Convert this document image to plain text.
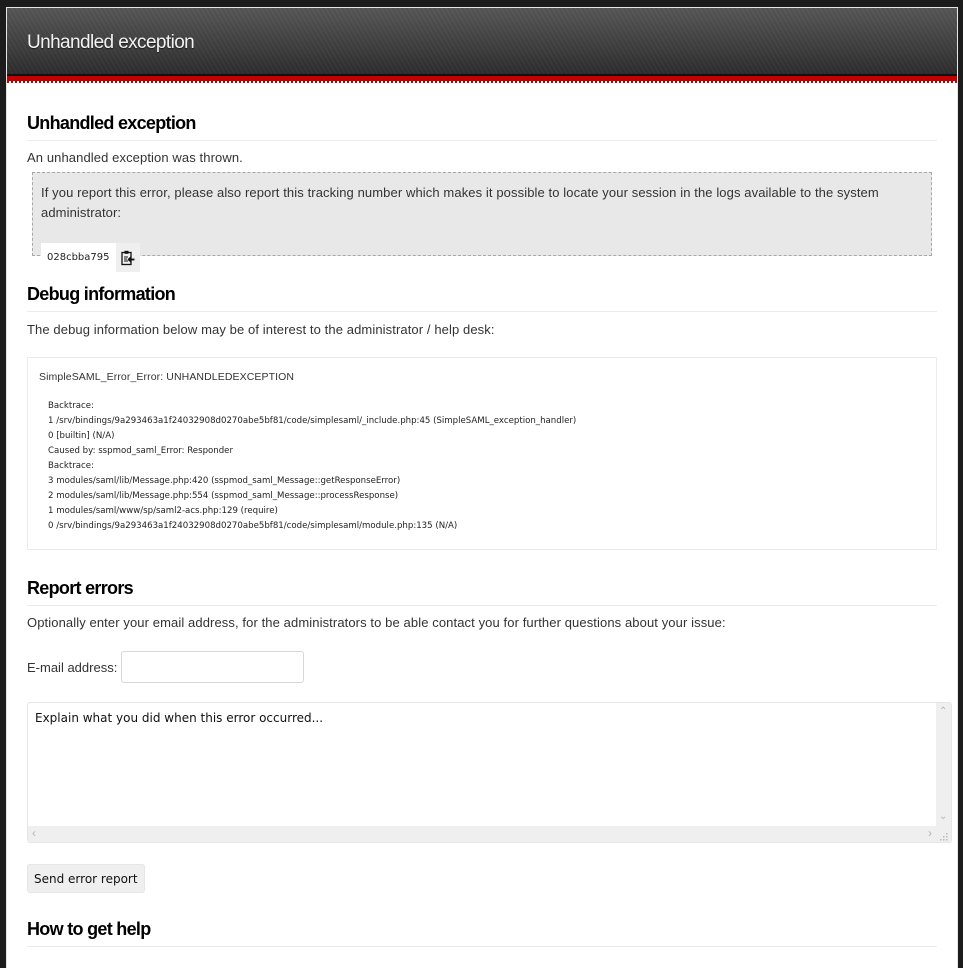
Unhandled exception
Unhandled exception

An unhandled exception was thrown.

If you report this error, please also report this tracking number which makes it possible to locate your session in the logs available to the system administrator:

028cbba795
Debug information

The debug information below may be of interest to the administrator / help desk:

SimpleSAML_Error_Error: UNHANDLEDEXCEPTION

Backtrace:
1 /srv/bindings/9a293463a1f24032908d0270abe5bf81/code/simplesaml/_include.php:45 (SimpleSAML_exception_handler)
0 [builtin] (N/A)
Caused by: sspmod_saml_Error: Responder
Backtrace:
3 modules/saml/lib/Message.php:420 (sspmod_saml_Message::getResponseError)
2 modules/saml/lib/Message.php:554 (sspmod_saml_Message::processResponse)
1 modules/saml/www/sp/saml2-acs.php:129 (require)
0 /srv/bindings/9a293463a1f24032908d0270abe5bf81/code/simplesaml/module.php:135 (N/A)
Report errors

Optionally enter your email address, for the administrators to be able contact you for further questions about your issue:

E-mail address:
Explain what you did when this error occurred...
⌃
⌄
‹	›
Send error report
How to get help
